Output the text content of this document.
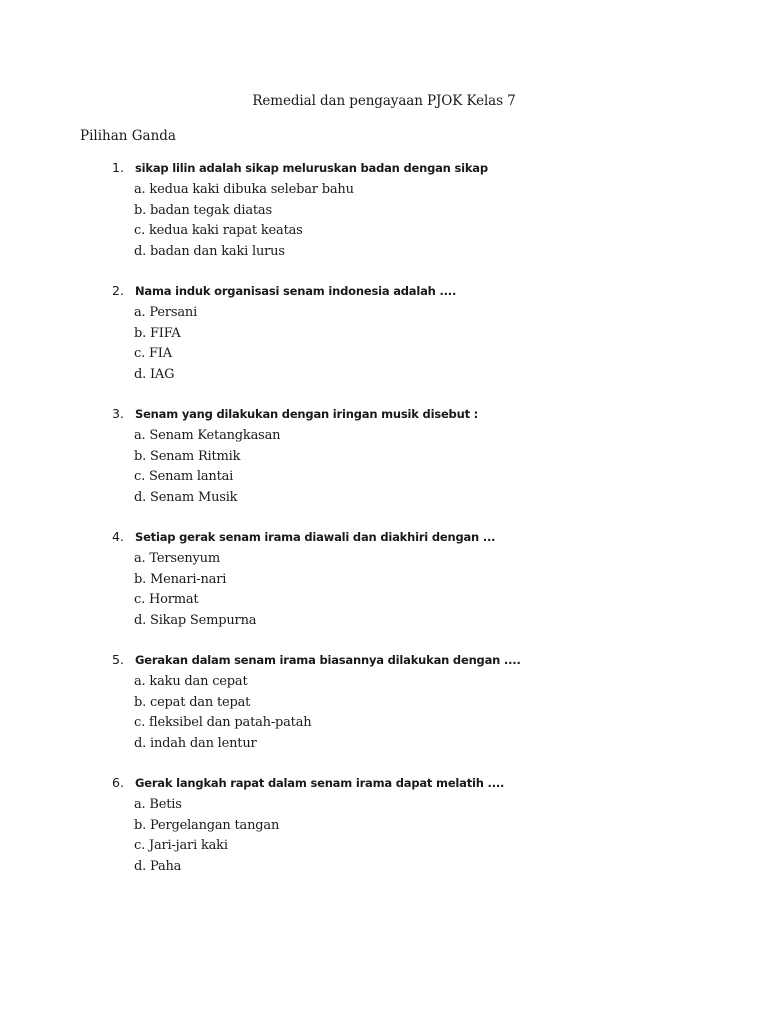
Remedial dan pengayaan PJOK Kelas 7
Pilihan Ganda
1. sikap lilin adalah sikap meluruskan badan dengan sikap
a. kedua kaki dibuka selebar bahu
b. badan tegak diatas
c. kedua kaki rapat keatas
d. badan dan kaki lurus
2. Nama induk organisasi senam indonesia adalah ....
a. Persani
b. FIFA
c. FIA
d. IAG
3. Senam yang dilakukan dengan iringan musik disebut :
a. Senam Ketangkasan
b. Senam Ritmik
c. Senam lantai
d. Senam Musik
4. Setiap gerak senam irama diawali dan diakhiri dengan ...
a. Tersenyum
b. Menari-nari
c. Hormat
d. Sikap Sempurna
5. Gerakan dalam senam irama biasannya dilakukan dengan ....
a. kaku dan cepat
b. cepat dan tepat
c. fleksibel dan patah-patah
d. indah dan lentur
6. Gerak langkah rapat dalam senam irama dapat melatih ....
a. Betis
b. Pergelangan tangan
c. Jari-jari kaki
d. Paha
